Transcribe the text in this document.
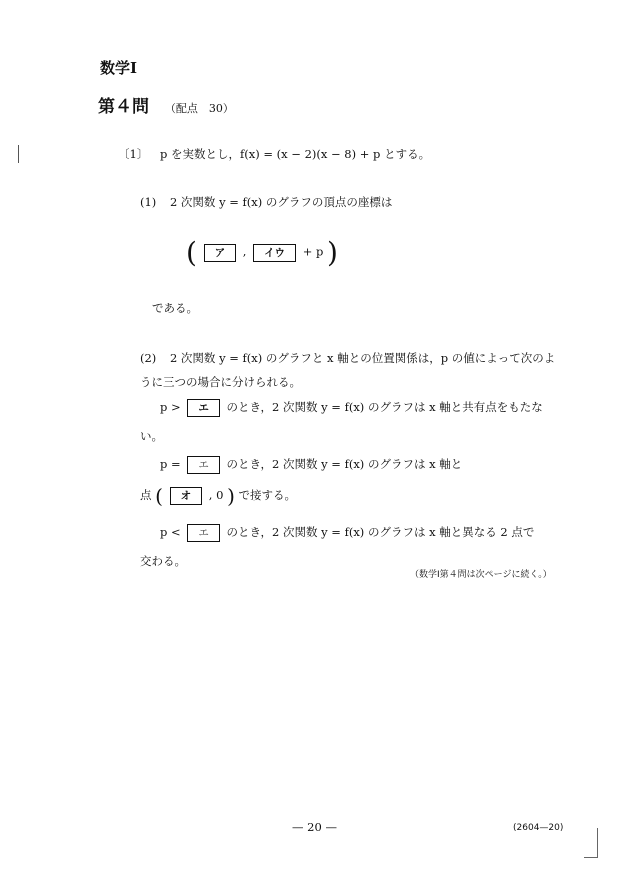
数学Ⅰ
第４問 （配点　30）
〔1〕 p を実数とし，f(x) = (x − 2)(x − 8) + p とする。
(1) 2 次関数 y = f(x) のグラフの頂点の座標は
( ア , イウ + p )
である。
(2) 2 次関数 y = f(x) のグラフと x 軸との位置関係は，p の値によって次のよ
うに三つの場合に分けられる。
p > エ のとき，2 次関数 y = f(x) のグラフは x 軸と共有点をもたな
い。
p = エ のとき，2 次関数 y = f(x) のグラフは x 軸と
点 ( オ , 0 ) で接する。
p < エ のとき，2 次関数 y = f(x) のグラフは x 軸と異なる 2 点で
交わる。
（数学Ⅰ第４問は次ページに続く。）
— 20 —	(2604—20)
